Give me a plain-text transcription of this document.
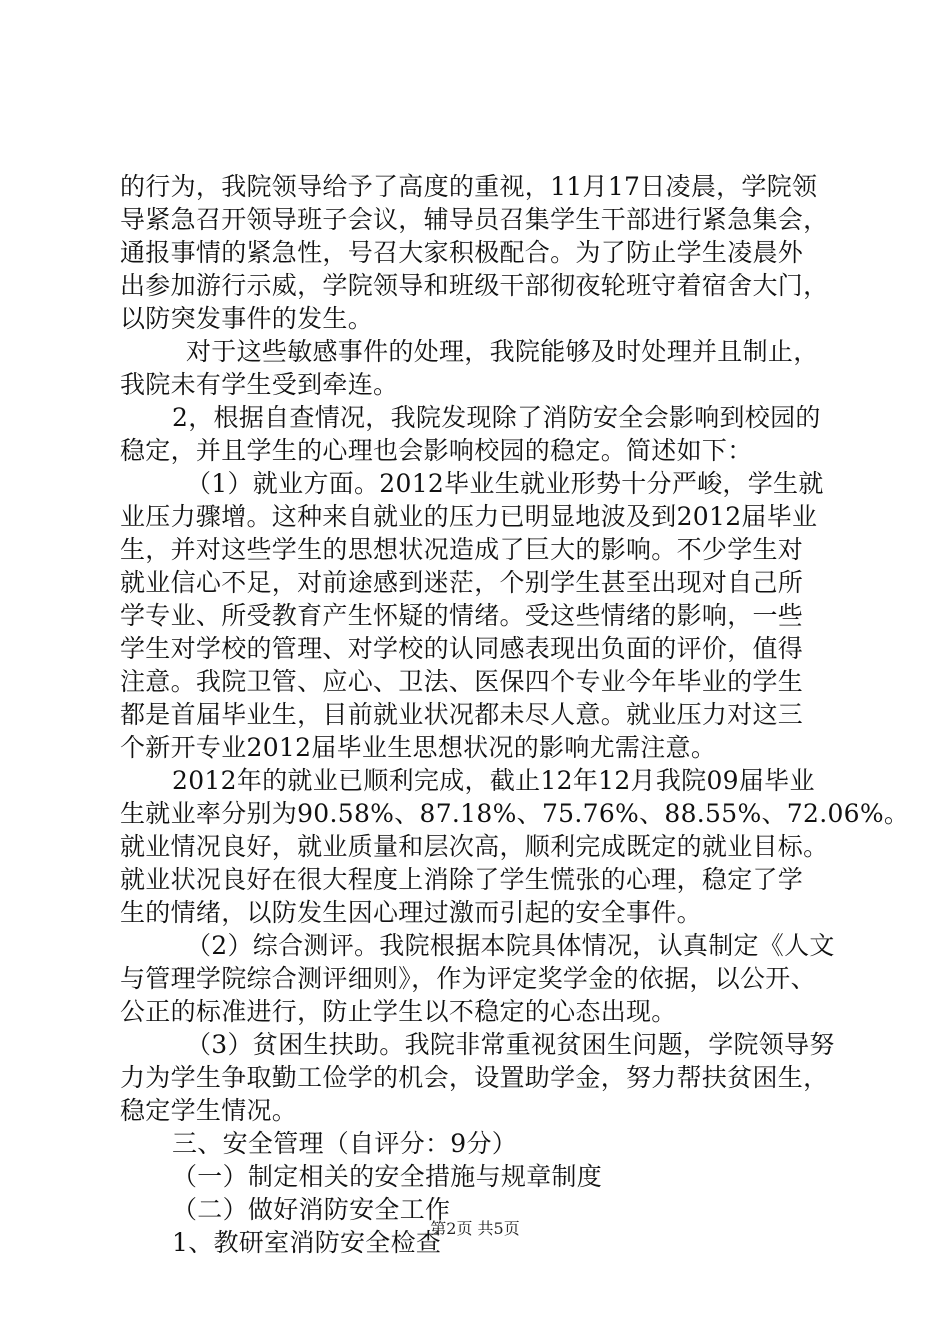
的行为，我院领导给予了高度的重视，11月17日凌晨，学院领
导紧急召开领导班子会议，辅导员召集学生干部进行紧急集会，
通报事情的紧急性，号召大家积极配合。为了防止学生凌晨外
出参加游行示威，学院领导和班级干部彻夜轮班守着宿舍大门，
以防突发事件的发生。
对于这些敏感事件的处理，我院能够及时处理并且制止，
我院未有学生受到牵连。
2，根据自查情况，我院发现除了消防安全会影响到校园的
稳定，并且学生的心理也会影响校园的稳定。简述如下：
（1）就业方面。2012毕业生就业形势十分严峻，学生就
业压力骤增。这种来自就业的压力已明显地波及到2012届毕业
生，并对这些学生的思想状况造成了巨大的影响。不少学生对
就业信心不足，对前途感到迷茫，个别学生甚至出现对自己所
学专业、所受教育产生怀疑的情绪。受这些情绪的影响，一些
学生对学校的管理、对学校的认同感表现出负面的评价，值得
注意。我院卫管、应心、卫法、医保四个专业今年毕业的学生
都是首届毕业生，目前就业状况都未尽人意。就业压力对这三
个新开专业2012届毕业生思想状况的影响尤需注意。
2012年的就业已顺利完成，截止12年12月我院09届毕业
生就业率分别为90.58%、87.18%、75.76%、88.55%、72.06%。
就业情况良好，就业质量和层次高，顺利完成既定的就业目标。
就业状况良好在很大程度上消除了学生慌张的心理，稳定了学
生的情绪，以防发生因心理过激而引起的安全事件。
（2）综合测评。我院根据本院具体情况，认真制定《人文
与管理学院综合测评细则》，作为评定奖学金的依据，以公开、
公正的标准进行，防止学生以不稳定的心态出现。
（3）贫困生扶助。我院非常重视贫困生问题，学院领导努
力为学生争取勤工俭学的机会，设置助学金，努力帮扶贫困生，
稳定学生情况。
三、安全管理（自评分：9分）
（一）制定相关的安全措施与规章制度
（二）做好消防安全工作
1、教研室消防安全检查
第2页 共5页
